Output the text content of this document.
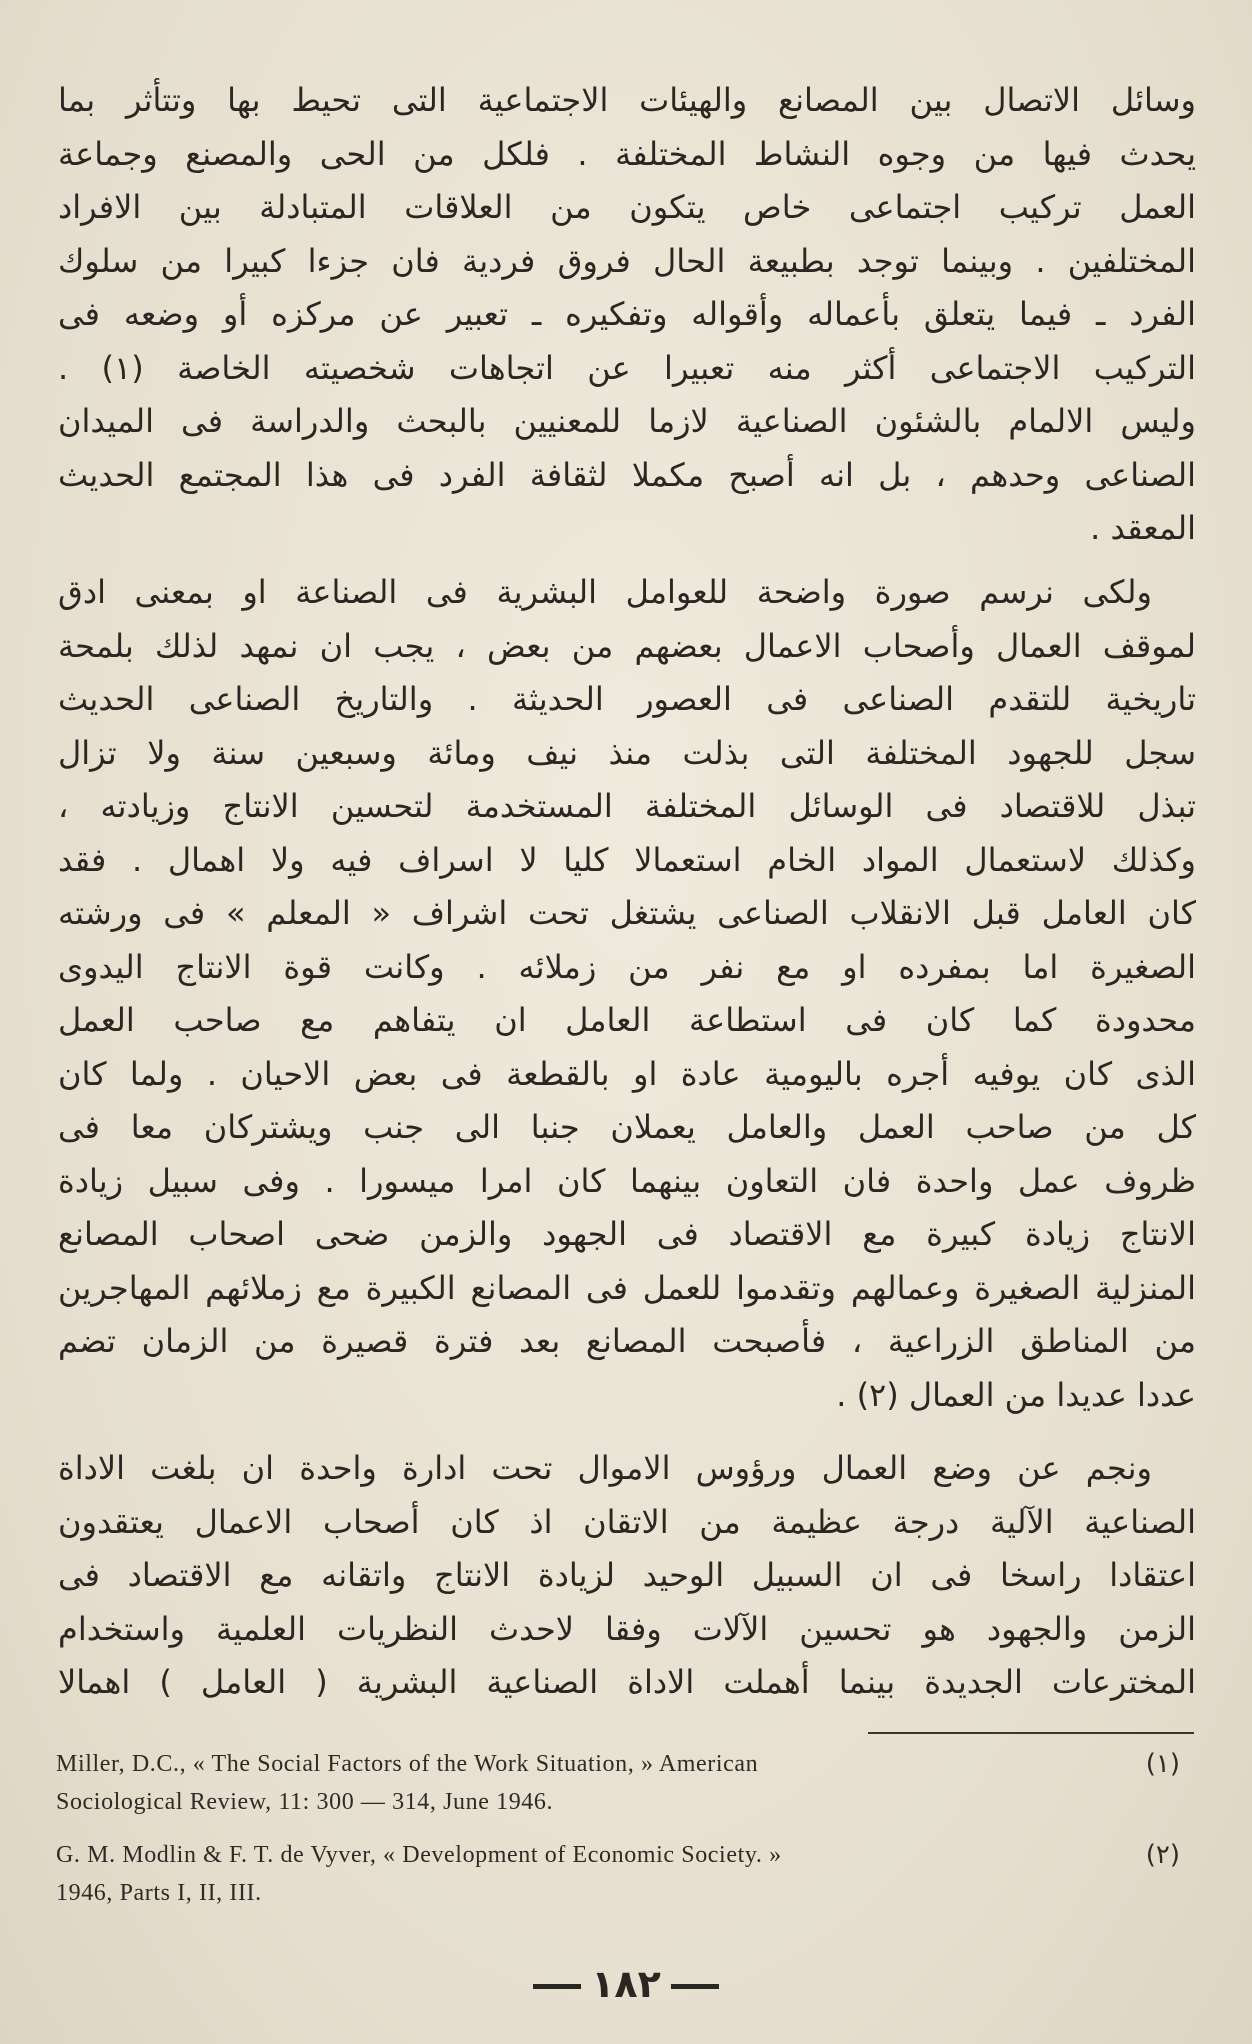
وسائل الاتصال بين المصانع والهيئات الاجتماعية التى تحيط بها وتتأثر بما
يحدث فيها من وجوه النشاط المختلفة . فلكل من الحى والمصنع وجماعة
العمل تركيب اجتماعى خاص يتكون من العلاقات المتبادلة بين الافراد
المختلفين . وبينما توجد بطبيعة الحال فروق فردية فان جزءا كبيرا من سلوك
الفرد ـ فيما يتعلق بأعماله وأقواله وتفكيره ـ تعبير عن مركزه أو وضعه فى
التركيب الاجتماعى أكثر منه تعبيرا عن اتجاهات شخصيته الخاصة (١) .
وليس الالمام بالشئون الصناعية لازما للمعنيين بالبحث والدراسة فى الميدان
الصناعى وحدهم ، بل انه أصبح مكملا لثقافة الفرد فى هذا المجتمع الحديث
المعقد .
ولكى نرسم صورة واضحة للعوامل البشرية فى الصناعة او بمعنى ادق
لموقف العمال وأصحاب الاعمال بعضهم من بعض ، يجب ان نمهد لذلك بلمحة
تاريخية للتقدم الصناعى فى العصور الحديثة . والتاريخ الصناعى الحديث
سجل للجهود المختلفة التى بذلت منذ نيف ومائة وسبعين سنة ولا تزال
تبذل للاقتصاد فى الوسائل المختلفة المستخدمة لتحسين الانتاج وزيادته ،
وكذلك لاستعمال المواد الخام استعمالا كليا لا اسراف فيه ولا اهمال . فقد
كان العامل قبل الانقلاب الصناعى يشتغل تحت اشراف « المعلم » فى ورشته
الصغيرة اما بمفرده او مع نفر من زملائه . وكانت قوة الانتاج اليدوى
محدودة كما كان فى استطاعة العامل ان يتفاهم مع صاحب العمل
الذى كان يوفيه أجره باليومية عادة او بالقطعة فى بعض الاحيان . ولما كان
كل من صاحب العمل والعامل يعملان جنبا الى جنب ويشتركان معا فى
ظروف عمل واحدة فان التعاون بينهما كان امرا ميسورا . وفى سبيل زيادة
الانتاج زيادة كبيرة مع الاقتصاد فى الجهود والزمن ضحى اصحاب المصانع
المنزلية الصغيرة وعمالهم وتقدموا للعمل فى المصانع الكبيرة مع زملائهم المهاجرين
من المناطق الزراعية ، فأصبحت المصانع بعد فترة قصيرة من الزمان تضم
عددا عديدا من العمال (٢) .
ونجم عن وضع العمال ورؤوس الاموال تحت ادارة واحدة ان بلغت الاداة
الصناعية الآلية درجة عظيمة من الاتقان اذ كان أصحاب الاعمال يعتقدون
اعتقادا راسخا فى ان السبيل الوحيد لزيادة الانتاج واتقانه مع الاقتصاد فى
الزمن والجهود هو تحسين الآلات وفقا لاحدث النظريات العلمية واستخدام
المخترعات الجديدة بينما أهملت الاداة الصناعية البشرية ( العامل ) اهمالا
Miller, D.C., « The Social Factors of the Work Situation, » American	(١)
Sociological Review, 11: 300 — 314, June 1946.
G. M. Modlin & F. T. de Vyver, « Development of Economic Society. »	(٢)
1946, Parts I, II, III.
١٨٢
